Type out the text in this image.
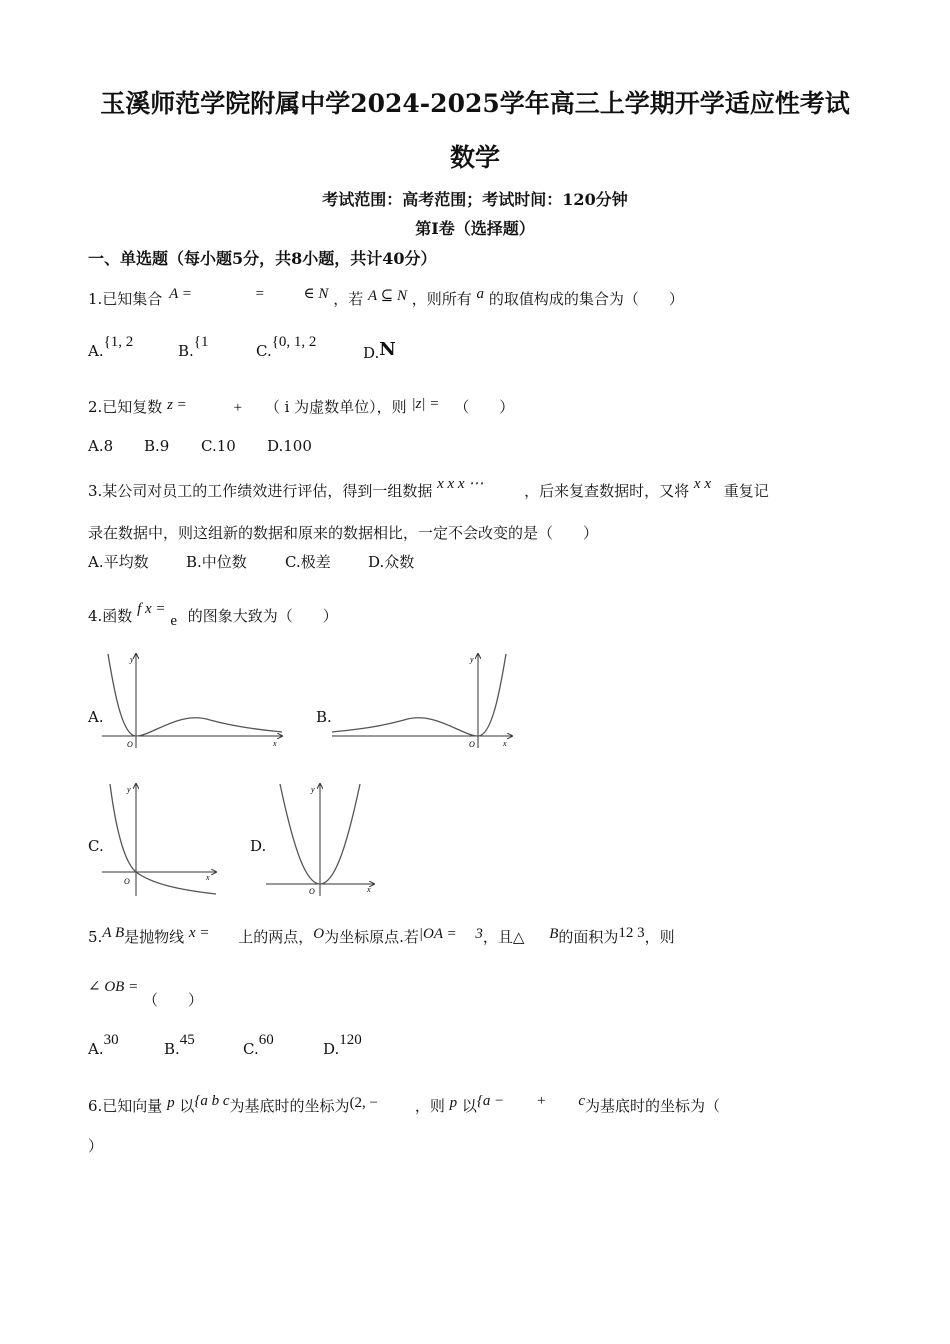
玉溪师范学院附属中学2024-2025学年高三上学期开学适应性考试
数学
考试范围：高考范围；考试时间：120分钟
第I卷（选择题）
一、单选题（每小题5分，共8小题，共计40分）
1.已知集合 A =	=	∈ N ，若 A ⊆ N ，则所有 a 的取值构成的集合为（　　）
A.{1, 2	B.{1	C.{0, 1, 2
D.N
2.已知复数 z =	+ （ i 为虚数单位），则 |z| = （　　）
A.8 B.9 C.10 D.100
3.某公司对员工的工作绩效进行评估，得到一组数据 x x x ⋯	，后来复查数据时，又将 x x 重复记
录在数据中，则这组新的数据和原来的数据相比，一定不会改变的是（　　）
A.平均数 B.中位数	C.极差 D.众数
4.函数 f x = e 的图象大致为（　　）
A.	B.
C.	D.
y
x
O
y
x
O
y
x
O
y
x
O
5.A B是抛物线 x = 上的两点，O为坐标原点.若|OA = 3，且△ B的面积为12 3，则
∠ OB = （　　）
A.30	B.45	C.60	D.120
6.已知向量 p 以{a b c为基底时的坐标为(2, − ，则 p 以{a − + c为基底时的坐标为（
）
